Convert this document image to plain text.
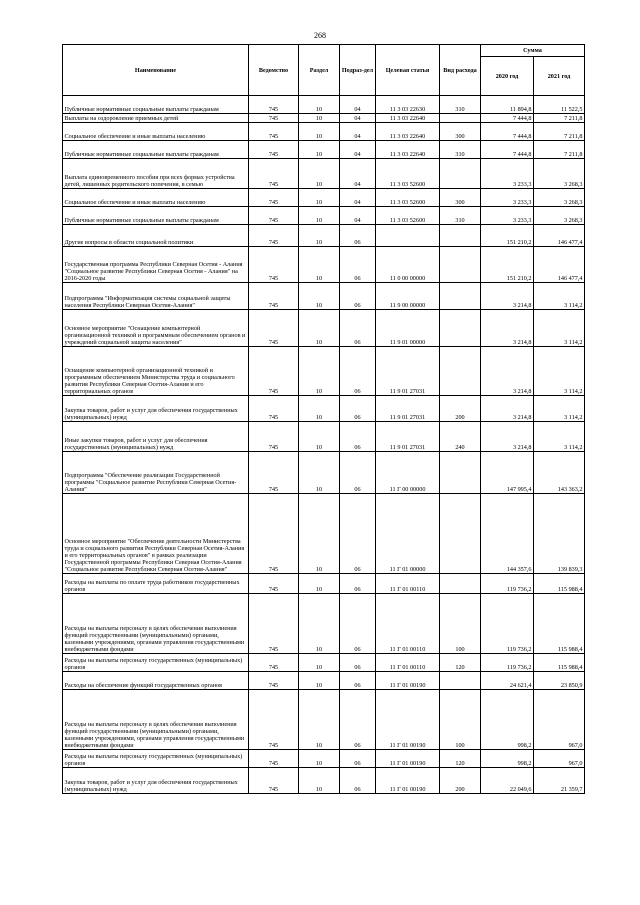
268
Наименование	Ведомство	Раздел	Подраз-дел	Целевая статья	Вид расхода	Сумма	
						2020 год	2021 год
Публичные нормативные социальные выплаты гражданам	745	10	04	11 3 03 22630	310	11 894,8	11 522,5
Выплаты на оздоровление приемных детей	745	10	04	11 3 03 22640		7 444,8	7 211,8
Социальное обеспечение и иные выплаты населению	745	10	04	11 3 03 22640	300	7 444,8	7 211,8
Публичные нормативные социальные выплаты гражданам	745	10	04	11 3 03 22640	310	7 444,8	7 211,8
Выплата единовременного пособия при всех формах устройства детей, лишенных родительского попечения, в семью	745	10	04	11 3 03 52600		3 233,3	3 268,3
Социальное обеспечение и иные выплаты населению	745	10	04	11 3 03 52600	300	3 233,3	3 268,3
Публичные нормативные социальные выплаты гражданам	745	10	04	11 3 03 52600	310	3 233,3	3 268,3
Другие вопросы в области социальной политики	745	10	06			151 210,2	146 477,4
Государственная программа Республики Северная Осетия - Алания "Социальное развитие Республики Северная Осетия - Алания" на 2016-2020 годы	745	10	06	11 0 00 00000		151 210,2	146 477,4
Подпрограмма "Информатизация системы социальной защиты населения Республики Северная Осетия-Алания"	745	10	06	11 9 00 00000		3 214,8	3 114,2
Основное мероприятие "Оснащение компьютерной организационной техникой и программным обеспечением органов и учреждений социальной защиты населения"	745	10	06	11 9 01 00000		3 214,8	3 114,2
Оснащение компьютерной организационной техникой и программным обеспечением Министерства труда и социального развития Республики Северная Осетия-Алания и его территориальных органов	745	10	06	11 9 01 27031		3 214,8	3 114,2
Закупка товаров, работ и услуг для обеспечения государственных (муниципальных) нужд	745	10	06	11 9 01 27031	200	3 214,8	3 114,2
Иные закупки товаров, работ и услуг для обеспечения государственных (муниципальных) нужд	745	10	06	11 9 01 27031	240	3 214,8	3 114,2
Подпрограмма "Обеспечение реализации Государственной программы "Социальное развитие Республики Северная Осетия-Алания"	745	10	06	11 Г 00 00000		147 995,4	143 363,2
Основное мероприятие "Обеспечение деятельности Министерства труда и социального развития Республики Северная Осетия-Алания и его территориальных органов" в рамках реализации Государственной программы Республики Северная Осетия-Алания "Социальное развитие Республики Северная Осетия-Алания"	745	10	06	11 Г 01 00000		144 357,6	139 839,3
Расходы на выплаты по оплате труда работников государственных органов	745	10	06	11 Г 01 00110		119 736,2	115 988,4
Расходы на выплаты персоналу в целях обеспечения выполнения функций государственными (муниципальными) органами, казенными учреждениями, органами управления государственными внебюджетными фондами	745	10	06	11 Г 01 00110	100	119 736,2	115 988,4
Расходы на выплаты персоналу государственных (муниципальных) органов	745	10	06	11 Г 01 00110	120	119 736,2	115 988,4
Расходы на обеспечение функций государственных органов	745	10	06	11 Г 01 00190		24 621,4	23 850,9
Расходы на выплаты персоналу в целях обеспечения выполнения функций государственными (муниципальными) органами, казенными учреждениями, органами управления государственными внебюджетными фондами	745	10	06	11 Г 01 00190	100	998,2	967,0
Расходы на выплаты персоналу государственных (муниципальных) органов	745	10	06	11 Г 01 00190	120	998,2	967,0
Закупка товаров, работ и услуг для обеспечения государственных (муниципальных) нужд	745	10	06	11 Г 01 00190	200	22 049,6	21 359,7
